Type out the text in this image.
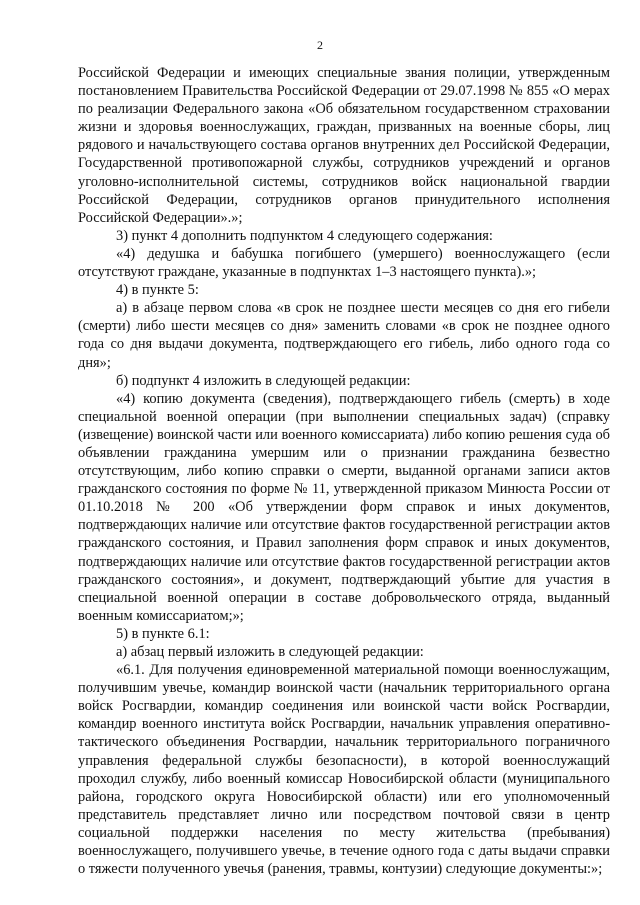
2

Российской Федерации и имеющих специальные звания полиции, утвержденным постановлением Правительства Российской Федерации от 29.07.1998 № 855 «О мерах по реализации Федерального закона «Об обязательном государственном страховании жизни и здоровья военнослужащих, граждан, призванных на военные сборы, лиц рядового и начальствующего состава органов внутренних дел Российской Федерации, Государственной противопожарной службы, сотрудников учреждений и органов уголовно-исполнительной системы, сотрудников войск национальной гвардии Российской Федерации, сотрудников органов принудительного исполнения Российской Федерации».»;

3) пункт 4 дополнить подпунктом 4 следующего содержания:

«4) дедушка и бабушка погибшего (умершего) военнослужащего (если отсутствуют граждане, указанные в подпунктах 1–3 настоящего пункта).»;

4) в пункте 5:

а) в абзаце первом слова «в срок не позднее шести месяцев со дня его гибели (смерти) либо шести месяцев со дня» заменить словами «в срок не позднее одного года со дня выдачи документа, подтверждающего его гибель, либо одного года со дня»;

б) подпункт 4 изложить в следующей редакции:

«4) копию документа (сведения), подтверждающего гибель (смерть) в ходе специальной военной операции (при выполнении специальных задач) (справку (извещение) воинской части или военного комиссариата) либо копию решения суда об объявлении гражданина умершим или о признании гражданина безвестно отсутствующим, либо копию справки о смерти, выданной органами записи актов гражданского состояния по форме № 11, утвержденной приказом Минюста России от 01.10.2018 № 200 «Об утверждении форм справок и иных документов, подтверждающих наличие или отсутствие фактов государственной регистрации актов гражданского состояния, и Правил заполнения форм справок и иных документов, подтверждающих наличие или отсутствие фактов государственной регистрации актов гражданского состояния», и документ, подтверждающий убытие для участия в специальной военной операции в составе добровольческого отряда, выданный военным комиссариатом;»;

5) в пункте 6.1:

а) абзац первый изложить в следующей редакции:

«6.1. Для получения единовременной материальной помощи военнослужащим, получившим увечье, командир воинской части (начальник территориального органа войск Росгвардии, командир соединения или воинской части войск Росгвардии, командир военного института войск Росгвардии, начальник управления оперативно-тактического объединения Росгвардии, начальник территориального пограничного управления федеральной службы безопасности), в которой военнослужащий проходил службу, либо военный комиссар Новосибирской области (муниципального района, городского округа Новосибирской области) или его уполномоченный представитель представляет лично или посредством почтовой связи в центр социальной поддержки населения по месту жительства (пребывания) военнослужащего, получившего увечье, в течение одного года с даты выдачи справки о тяжести полученного увечья (ранения, травмы, контузии) следующие документы:»;
